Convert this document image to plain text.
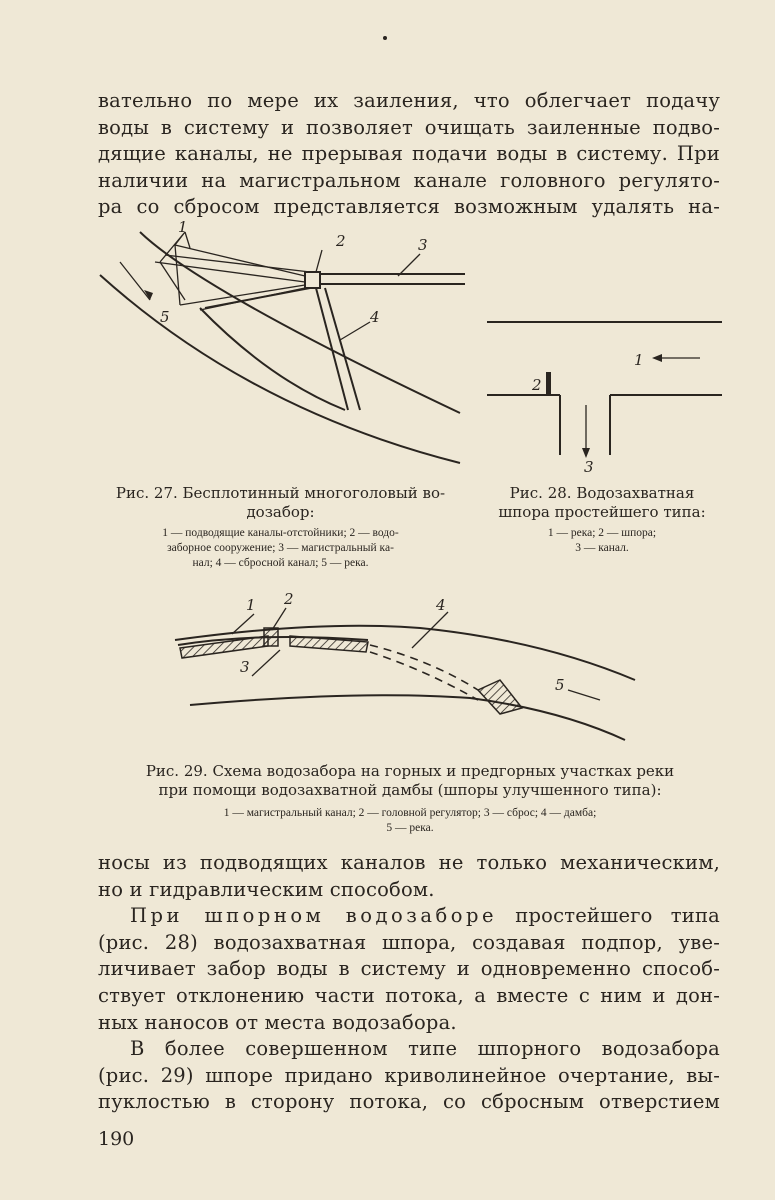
вательно по мере их заиления, что облегчает подачу
воды в систему и позволяет очищать заиленные подво-
дящие каналы, не прерывая подачи воды в систему. При
наличии на магистральном канале головного регулято-
ра со сбросом представляется возможным удалять на-
1
2	3
4
5
1
2
3
Рис. 27. Бесплотинный многоголовый во-
дозабор:
1 — подводящие каналы-отстойники; 2 — водо-
заборное сооружение; 3 — магистральный ка-
нал; 4 — сбросной канал; 5 — река.
Рис. 28. Водозахватная
шпора простейшего типа:
1 — река; 2 — шпора;
3 — канал.
1 2
3
4
5
Рис. 29. Схема водозабора на горных и предгорных участках реки
при помощи водозахватной дамбы (шпоры улучшенного типа):
1 — магистральный канал; 2 — головной регулятор; 3 — сброс; 4 — дамба;
5 — река.
носы из подводящих каналов не только механическим,
но и гидравлическим способом.
При шпорном водозаборе простейшего типа
(рис. 28) водозахватная шпора, создавая подпор, уве-
личивает забор воды в систему и одновременно способ-
ствует отклонению части потока, а вместе с ним и дон-
ных наносов от места водозабора.
В более совершенном типе шпорного водозабора
(рис. 29) шпоре придано криволинейное очертание, вы-
пуклостью в сторону потока, со сбросным отверстием
190
